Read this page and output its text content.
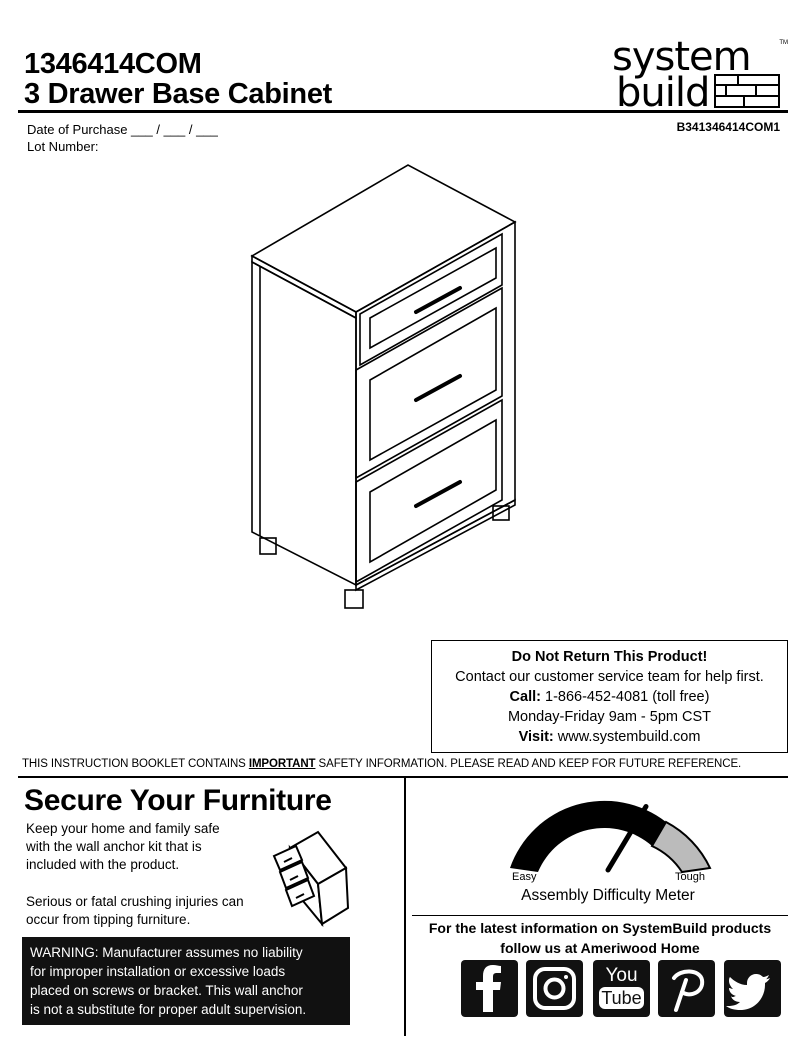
1346414COM
3 Drawer Base Cabinet
Date of Purchase ___ / ___ / ___
Lot Number:
B341346414COM1
system
build
TM
Do Not Return This Product!
Contact our customer service team for help first.
Call: 1-866-452-4081 (toll free)
Monday-Friday 9am - 5pm CST
Visit: www.systembuild.com
THIS INSTRUCTION BOOKLET CONTAINS IMPORTANT SAFETY INFORMATION. PLEASE READ AND KEEP FOR FUTURE REFERENCE.
Secure Your Furniture
Keep your home and family safe
with the wall anchor kit that is
included with the product.
Serious or fatal crushing injuries can
occur from tipping furniture.
WARNING: Manufacturer assumes no liability
for improper installation or excessive loads
placed on screws or bracket. This wall anchor
is not a substitute for proper adult supervision.
Easy	Tough
Assembly Difficulty Meter
For the latest information on SystemBuild products
follow us at Ameriwood Home
You
Tube
